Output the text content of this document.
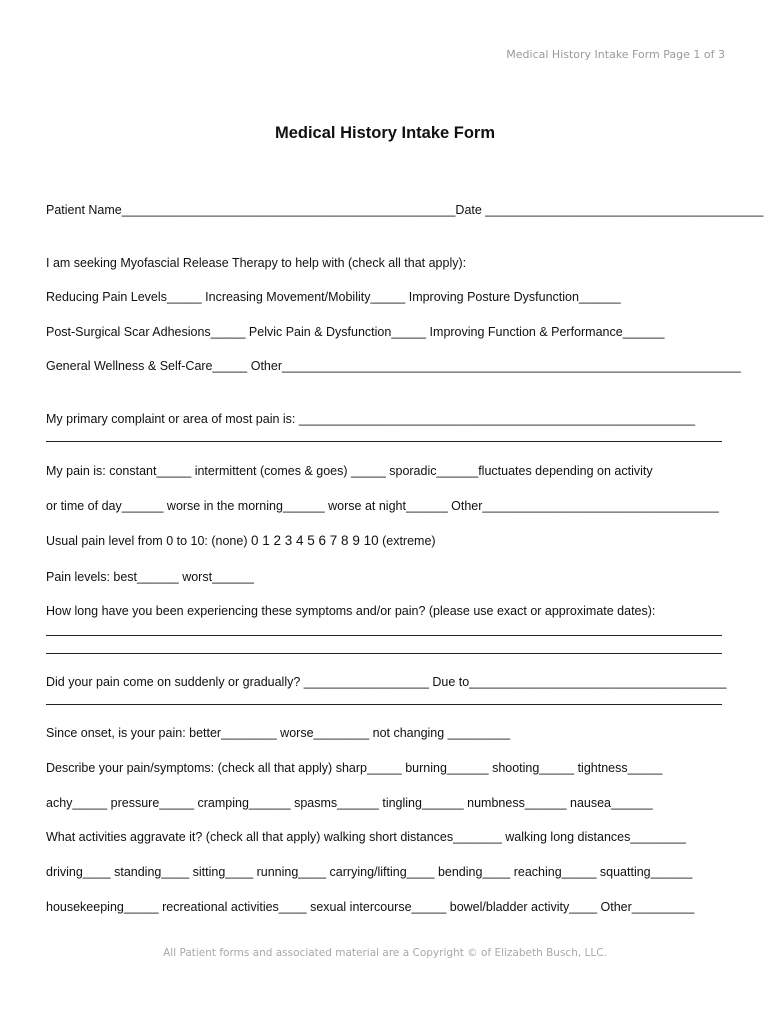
Medical History Intake Form Page 1 of 3
Medical History Intake Form
Patient Name________________________________________________Date ________________________________________
I am seeking Myofascial Release Therapy to help with (check all that apply):
Reducing Pain Levels_____ Increasing Movement/Mobility_____ Improving Posture Dysfunction______
Post-Surgical Scar Adhesions_____ Pelvic Pain & Dysfunction_____ Improving Function & Performance______
General Wellness & Self-Care_____ Other__________________________________________________________________
My primary complaint or area of most pain is: _________________________________________________________
My pain is: constant_____ intermittent (comes & goes) _____ sporadic______fluctuates depending on activity
or time of day______ worse in the morning______ worse at night______ Other__________________________________
Usual pain level from 0 to 10: (none) 0 1 2 3 4 5 6 7 8 9 10 (extreme)
Pain levels: best______ worst______
How long have you been experiencing these symptoms and/or pain? (please use exact or approximate dates):
Did your pain come on suddenly or gradually? __________________ Due to_____________________________________
Since onset, is your pain: better________ worse________ not changing _________
Describe your pain/symptoms: (check all that apply) sharp_____ burning______ shooting_____ tightness_____
achy_____ pressure_____ cramping______ spasms______ tingling______ numbness______ nausea______
What activities aggravate it? (check all that apply) walking short distances_______ walking long distances________
driving____ standing____ sitting____ running____ carrying/lifting____ bending____ reaching_____ squatting______
housekeeping_____ recreational activities____ sexual intercourse_____ bowel/bladder activity____ Other_________
All Patient forms and associated material are a Copyright © of Elizabeth Busch, LLC.
